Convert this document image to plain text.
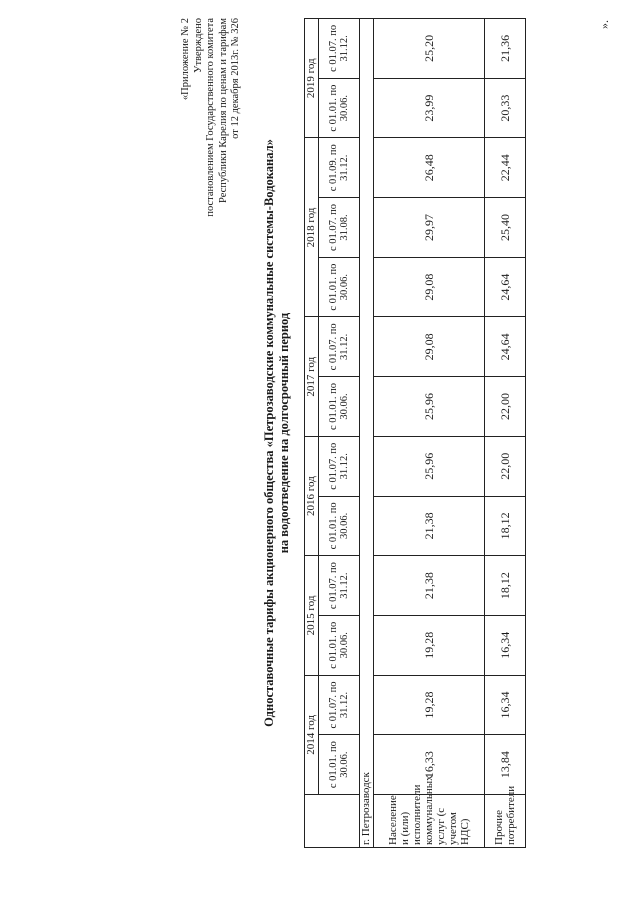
«Приложение № 2 Утверждено постановлением Государственного комитета Республики Карелия по ценам и тарифам от 12 декабря 2013г. № 326
Одноставочные тарифы акционерного общества «Петрозаводские коммунальные системы-Водоканал» на водоотведение на долгосрочный период
	2014 год		2015 год		2016 год		2017 год		2018 год			2019 год	
	с 01.01. по 30.06.	с 01.07. по 31.12.	с 01.01. по 30.06.	с 01.07. по 31.12.	с 01.01. по 30.06.	с 01.07. по 31.12.	с 01.01. по 30.06.	с 01.07. по 31.12.	с 01.01. по 30.06.	с 01.07. по 31.08.	с 01.09. по 31.12.	с 01.01. по 30.06.	с 01.07. по 31.12.
г. Петрозаводск													
Население и (или) исполнители коммунальных услуг (с учетом НДС)	16,33	19,28	19,28	21,38	21,38	25,96	25,96	29,08	29,08	29,97	26,48	23,99	25,20
Прочие потребители	13,84	16,34	16,34	18,12	18,12	22,00	22,00	24,64	24,64	25,40	22,44	20,33	21,36
».
